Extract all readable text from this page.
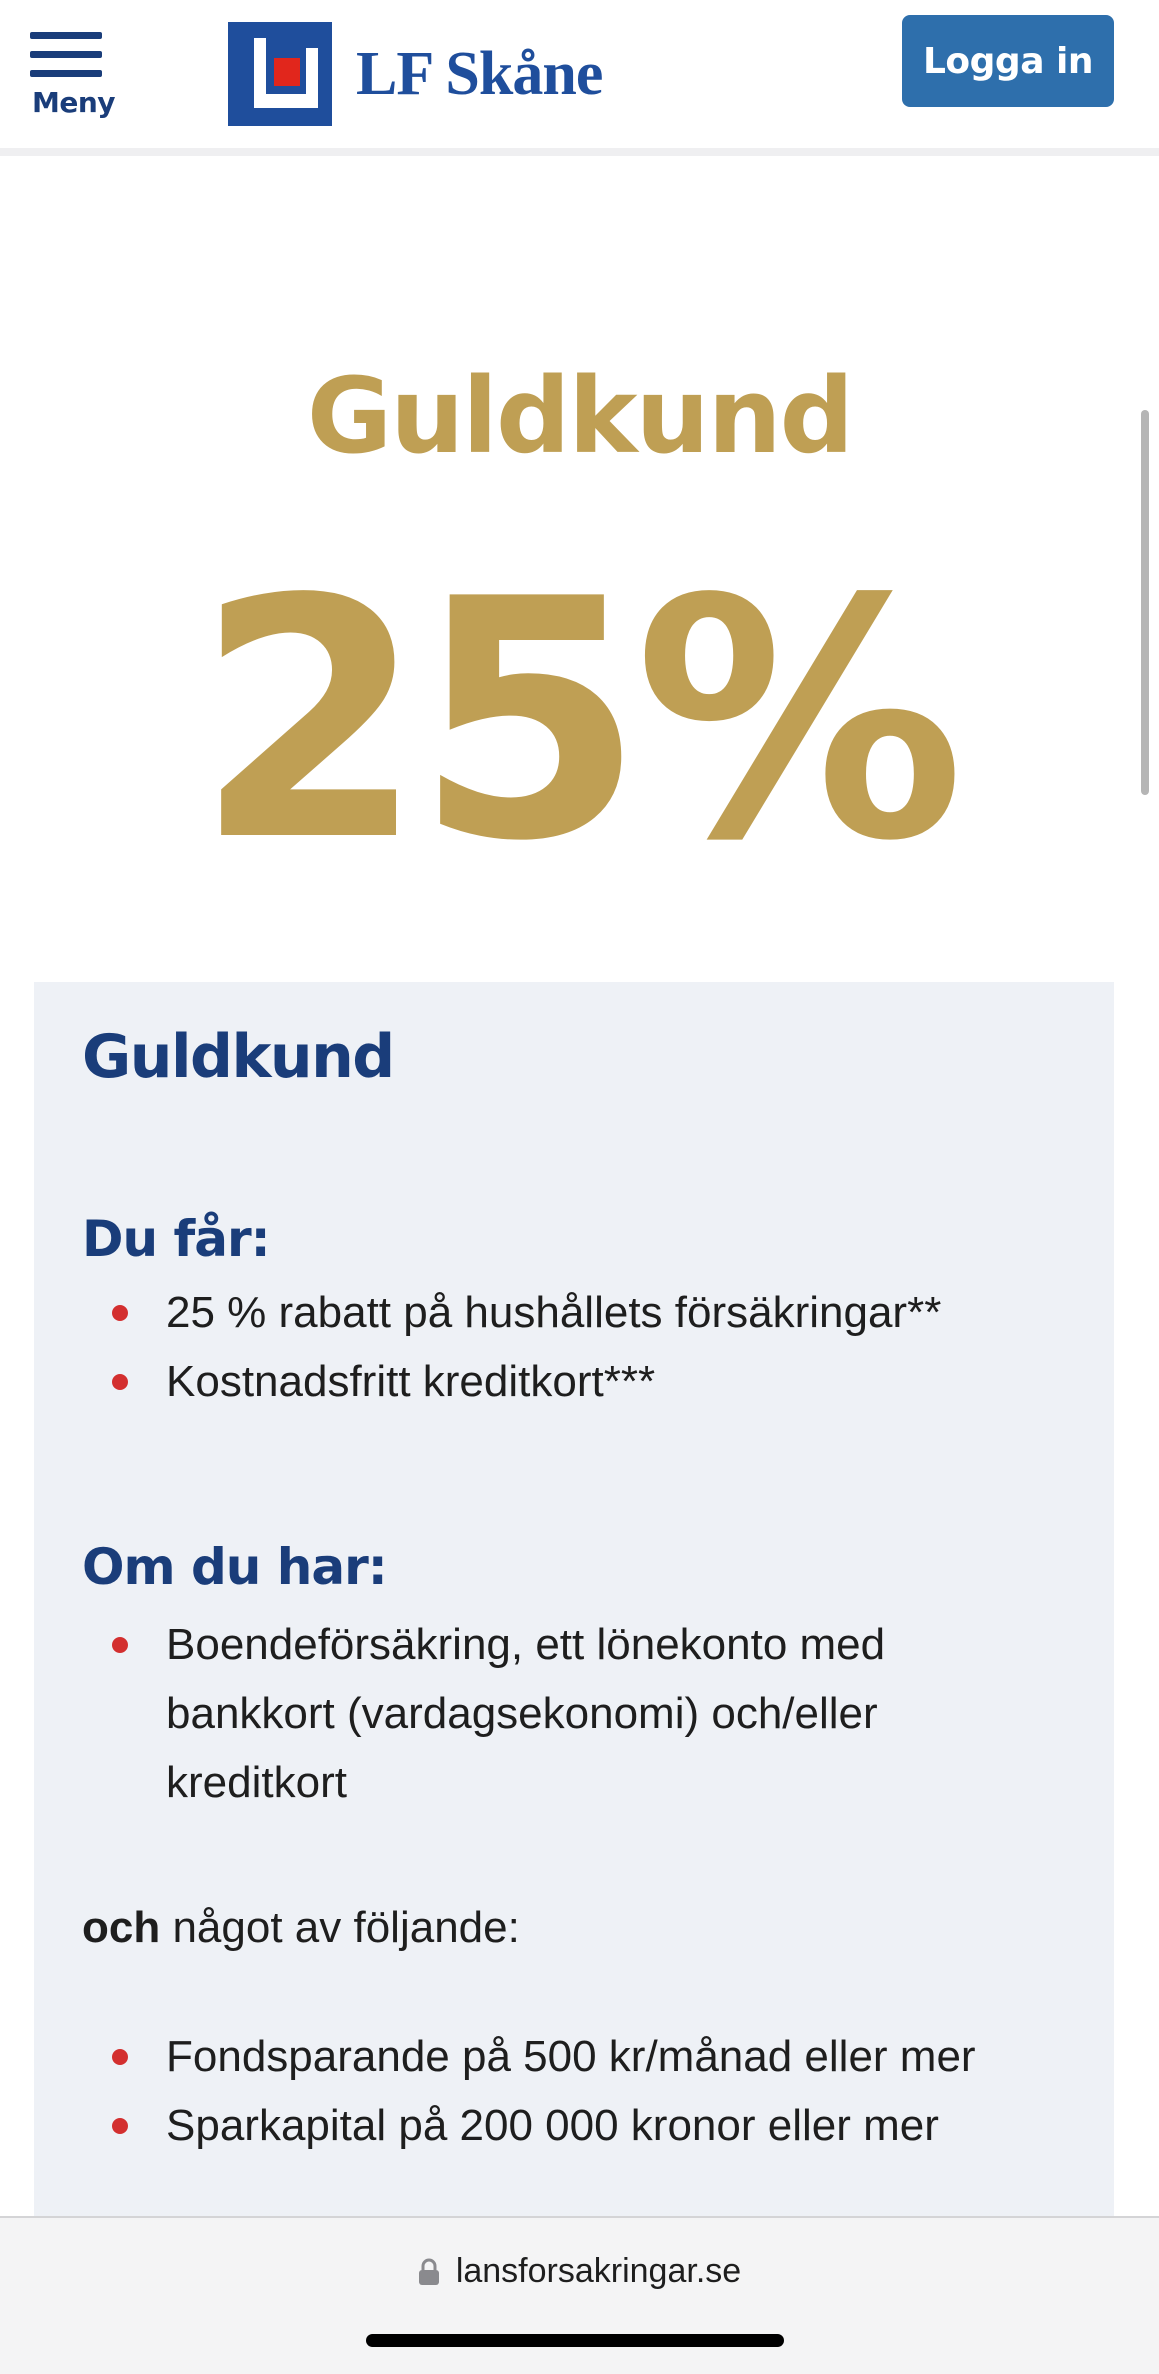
Meny	LF Skåne	Logga in
Guldkund
25%
Guldkund
Du får:
25 % rabatt på hushållets försäkringar**
Kostnadsfritt kreditkort***
Om du har:
Boendeförsäkring, ett lönekonto med bankkort (vardagsekonomi) och/eller kreditkort

och något av följande:

Fondsparande på 500 kr/månad eller mer
Sparkapital på 200 000 kronor eller mer
lansforsakringar.se
